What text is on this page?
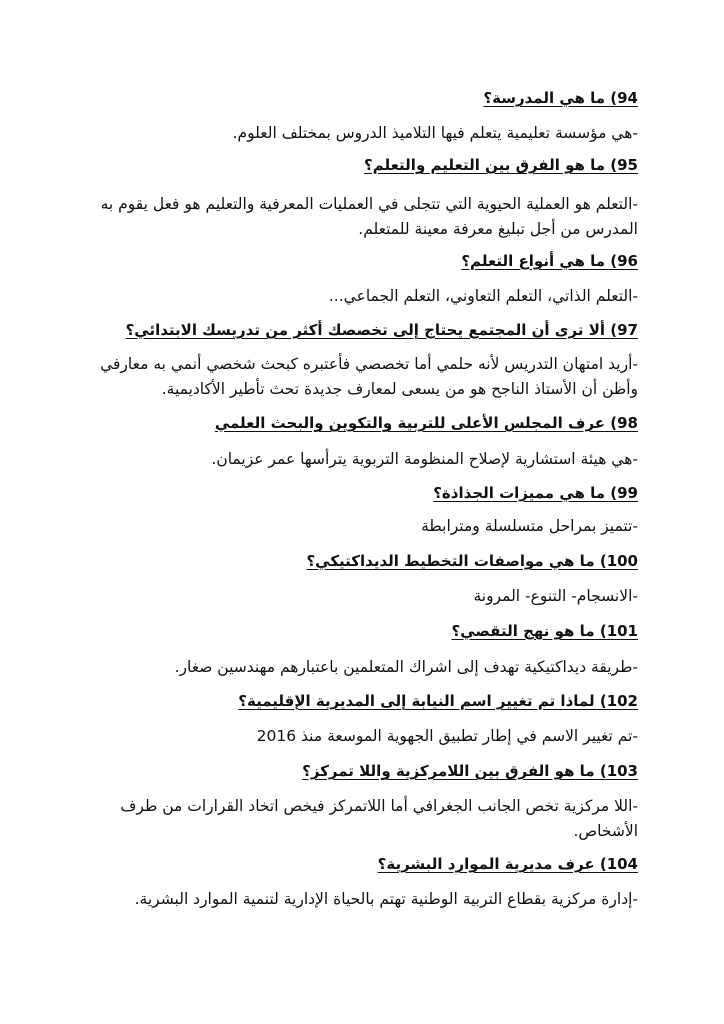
94) ما هي المدرسة؟
-هي مؤسسة تعليمية يتعلم فيها التلاميذ الدروس بمختلف العلوم.
95) ما هو الفرق بين التعليم والتعلم؟
-التعلم هو العملية الحيوية التي تتجلى في العمليات المعرفية والتعليم هو فعل يقوم به
المدرس من أجل تبليغ معرفة معينة للمتعلم.
96) ما هي أنواع التعلم؟
-التعلم الذاتي، التعلم التعاوني، التعلم الجماعي...
97) ألا ترى أن المجتمع يحتاج إلى تخصصك أكثر من تدريسك الابتدائي؟
-أريد امتهان التدريس لأنه حلمي أما تخصصي فأعتبره كبحث شخصي أنمي به معارفي
وأظن أن الأستاذ الناجح هو من يسعى لمعارف جديدة تحث تأطير الأكاديمية.
98) عرف المجلس الأعلى للتربية والتكوين والبحث العلمي
-هي هيئة استشارية لإصلاح المنظومة التربوية يترأسها عمر عزيمان.
99) ما هي مميزات الجذاذة؟
-تتميز بمراحل متسلسلة ومترابطة
100) ما هي مواصفات التخطيط الديداكتيكي؟
-الانسجام- التنوع- المرونة
101) ما هو نهج التقصي؟
-طريقة ديداكتيكية تهدف إلى اشراك المتعلمين باعتبارهم مهندسين صغار.
102) لماذا تم تغيير اسم النيابة إلى المديرية الإقليمية؟
-تم تغيير الاسم في إطار تطبيق الجهوية الموسعة منذ 2016
103) ما هو الفرق بين اللامركزية واللا تمركز؟
-اللا مركزية تخص الجانب الجغرافي أما اللاتمركز فيخص اتخاد القرارات من طرف
الأشخاص.
104) عرف مديرية الموارد البشرية؟
-إدارة مركزية بقطاع التربية الوطنية تهتم بالحياة الإدارية لتنمية الموارد البشرية.
